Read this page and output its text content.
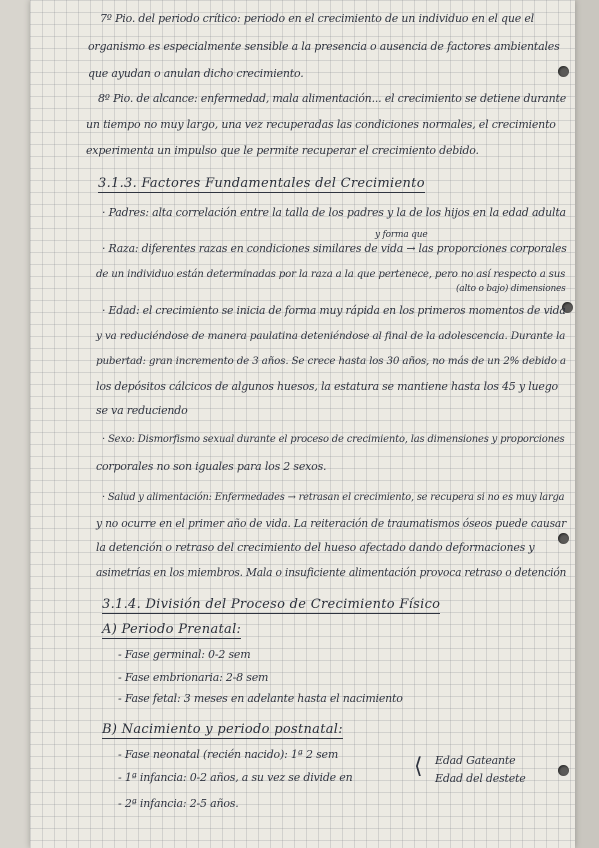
7º Pio. del periodo crítico: periodo en el crecimiento de un individuo en el que el
organismo es especialmente sensible a la presencia o ausencia de factores ambientales
que ayudan o anulan dicho crecimiento.
8º Pio. de alcance: enfermedad, mala alimentación... el crecimiento se detiene durante
un tiempo no muy largo, una vez recuperadas las condiciones normales, el crecimiento
experimenta un impulso que le permite recuperar el crecimiento debido.
3.1.3. Factores Fundamentales del Crecimiento
· Padres: alta correlación entre la talla de los padres y la de los hijos en la edad adulta
y forma que
· Raza: diferentes razas en condiciones similares de vida → las proporciones corporales
de un individuo están determinadas por la raza a la que pertenece, pero no así respecto a sus
(alto o bajo) dimensiones
· Edad: el crecimiento se inicia de forma muy rápida en los primeros momentos de vida
y va reduciéndose de manera paulatina deteniéndose al final de la adolescencia. Durante la
pubertad: gran incremento de 3 años. Se crece hasta los 30 años, no más de un 2% debido a
los depósitos cálcicos de algunos huesos, la estatura se mantiene hasta los 45 y luego
se va reduciendo
· Sexo: Dismorfismo sexual durante el proceso de crecimiento, las dimensiones y proporciones
corporales no son iguales para los 2 sexos.
· Salud y alimentación: Enfermedades → retrasan el crecimiento, se recupera si no es muy larga
y no ocurre en el primer año de vida. La reiteración de traumatismos óseos puede causar
la detención o retraso del crecimiento del hueso afectado dando deformaciones y
asimetrías en los miembros. Mala o insuficiente alimentación provoca retraso o detención
3.1.4. División del Proceso de Crecimiento Físico
A) Periodo Prenatal:
- Fase germinal: 0-2 sem
- Fase embrionaria: 2-8 sem
- Fase fetal: 3 meses en adelante hasta el nacimiento
B) Nacimiento y periodo postnatal:
- Fase neonatal (recién nacido): 1ª 2 sem
- 1ª infancia: 0-2 años, a su vez se divide en	⟨ Edad Gateante
Edad del destete
- 2ª infancia: 2-5 años.
